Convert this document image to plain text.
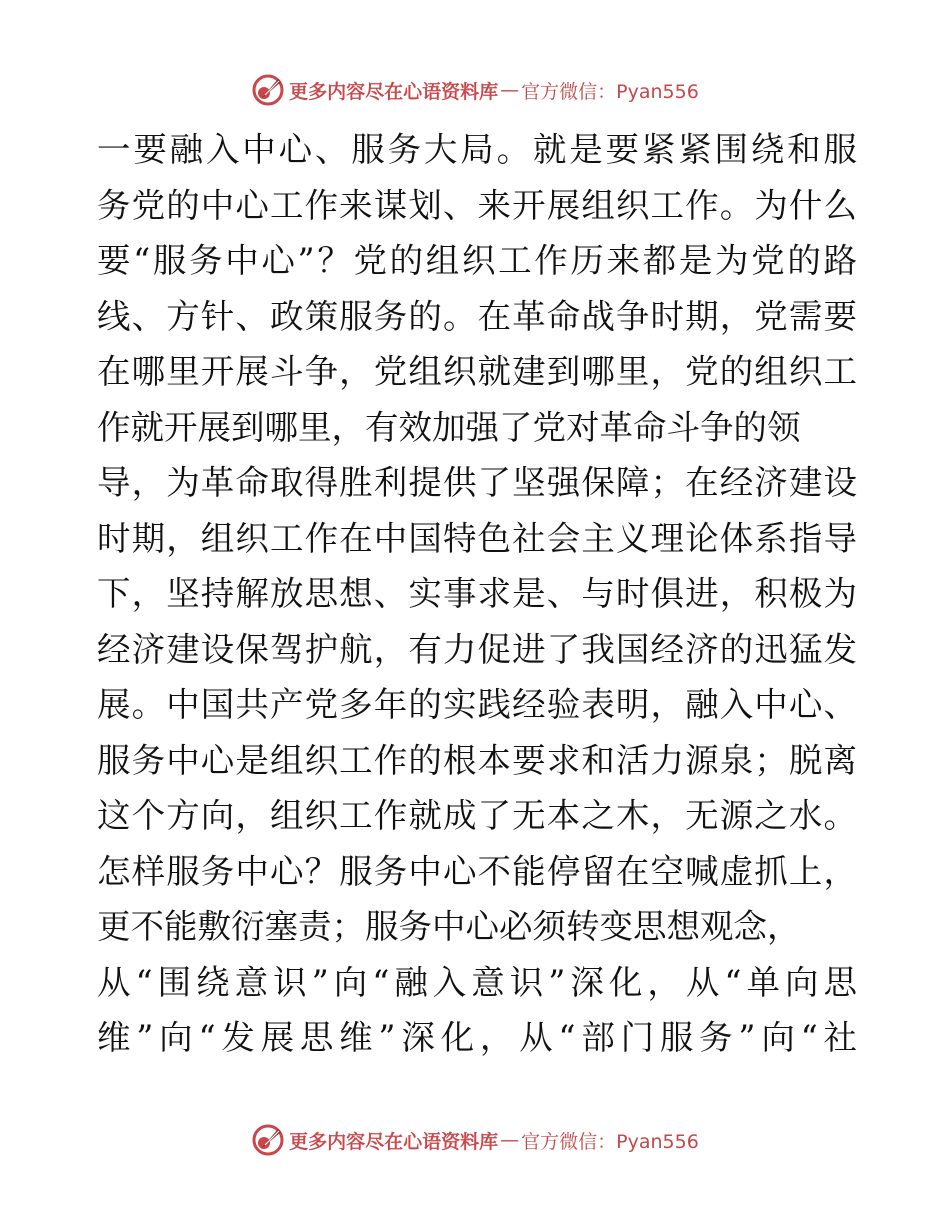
更多内容尽在心语资料库 — 官方微信：Pyan556
一要融入中心、服务大局。就是要紧紧围绕和服
务党的中心工作来谋划、来开展组织工作。为什么
要“服务中心”？党的组织工作历来都是为党的路
线、方针、政策服务的。在革命战争时期，党需要
在哪里开展斗争，党组织就建到哪里，党的组织工
作就开展到哪里，有效加强了党对革命斗争的领
导，为革命取得胜利提供了坚强保障；在经济建设
时期，组织工作在中国特色社会主义理论体系指导
下，坚持解放思想、实事求是、与时俱进，积极为
经济建设保驾护航，有力促进了我国经济的迅猛发
展。中国共产党多年的实践经验表明，融入中心、
服务中心是组织工作的根本要求和活力源泉；脱离
这个方向，组织工作就成了无本之木，无源之水。
怎样服务中心？服务中心不能停留在空喊虚抓上，
更不能敷衍塞责；服务中心必须转变思想观念，
从“围绕意识”向“融入意识”深化，从“单向思
维”向“发展思维”深化，从“部门服务”向“社
更多内容尽在心语资料库 — 官方微信：Pyan556
